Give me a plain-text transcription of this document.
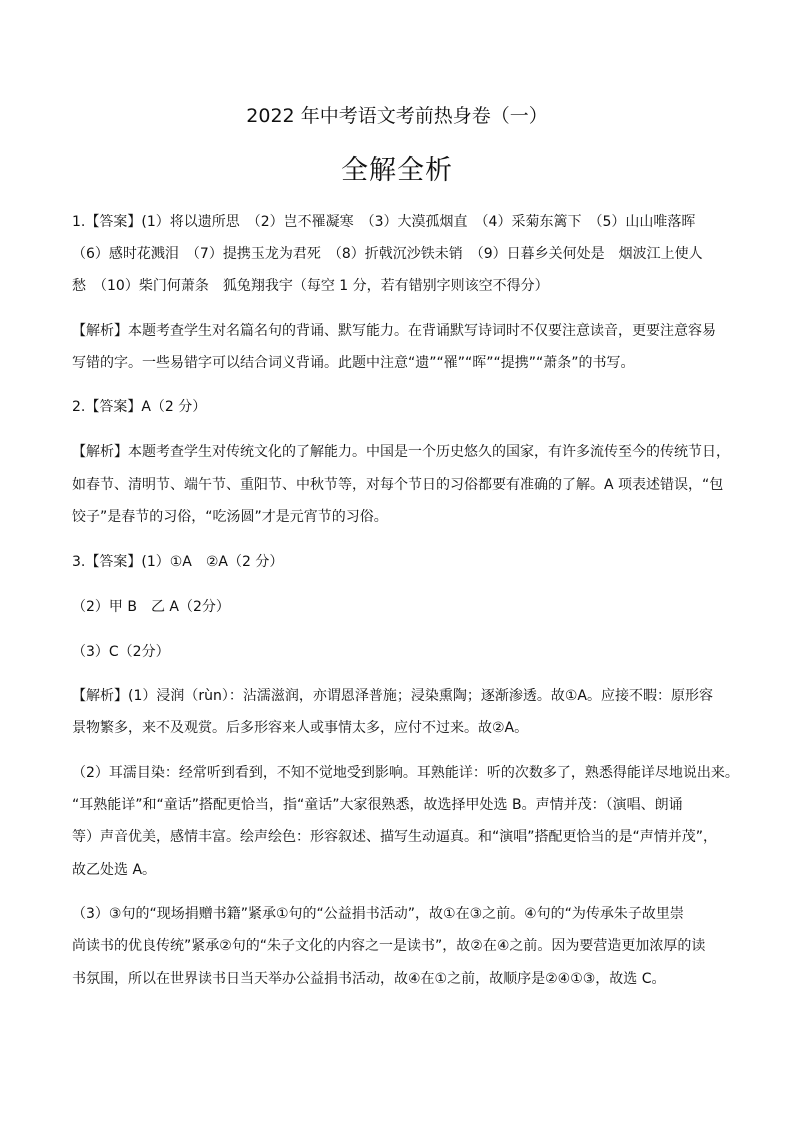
2022 年中考语文考前热身卷（一）
全解全析

1.【答案】(1）将以遗所思　（2）岂不罹凝寒　（3）大漠孤烟直　（4）采菊东篱下　（5）山山唯落晖

（6）感时花溅泪　（7）提携玉龙为君死　（8）折戟沉沙铁未销　（9）日暮乡关何处是　烟波江上使人

愁　（10）柴门何萧条　狐兔翔我宇（每空 1 分，若有错别字则该空不得分）

【解析】本题考查学生对名篇名句的背诵、默写能力。在背诵默写诗词时不仅要注意读音，更要注意容易

写错的字。一些易错字可以结合词义背诵。此题中注意“遗”“罹”“晖”“提携”“萧条”的书写。

2.【答案】A（2 分）

【解析】本题考查学生对传统文化的了解能力。中国是一个历史悠久的国家，有许多流传至今的传统节日，

如春节、清明节、端午节、重阳节、中秋节等，对每个节日的习俗都要有准确的了解。A 项表述错误，“包

饺子”是春节的习俗，“吃汤圆”才是元宵节的习俗。

3.【答案】(1）①A　②A（2 分）

（2）甲 B　乙 A（2分）

（3）C（2分）

【解析】(1）浸润（rùn）：沾濡滋润，亦谓恩泽普施；浸染熏陶；逐渐渗透。故①A。应接不暇：原形容

景物繁多，来不及观赏。后多形容来人或事情太多，应付不过来。故②A。

（2）耳濡目染：经常听到看到，不知不觉地受到影响。耳熟能详：听的次数多了，熟悉得能详尽地说出来。

“耳熟能详”和“童话”搭配更恰当，指“童话”大家很熟悉，故选择甲处选 B。声情并茂：（演唱、朗诵

等）声音优美，感情丰富。绘声绘色：形容叙述、描写生动逼真。和“演唱”搭配更恰当的是“声情并茂”，

故乙处选 A。

（3）③句的“现场捐赠书籍”紧承①句的“公益捐书活动”，故①在③之前。④句的“为传承朱子故里崇

尚读书的优良传统”紧承②句的“朱子文化的内容之一是读书”，故②在④之前。因为要营造更加浓厚的读

书氛围，所以在世界读书日当天举办公益捐书活动，故④在①之前，故顺序是②④①③，故选 C。
